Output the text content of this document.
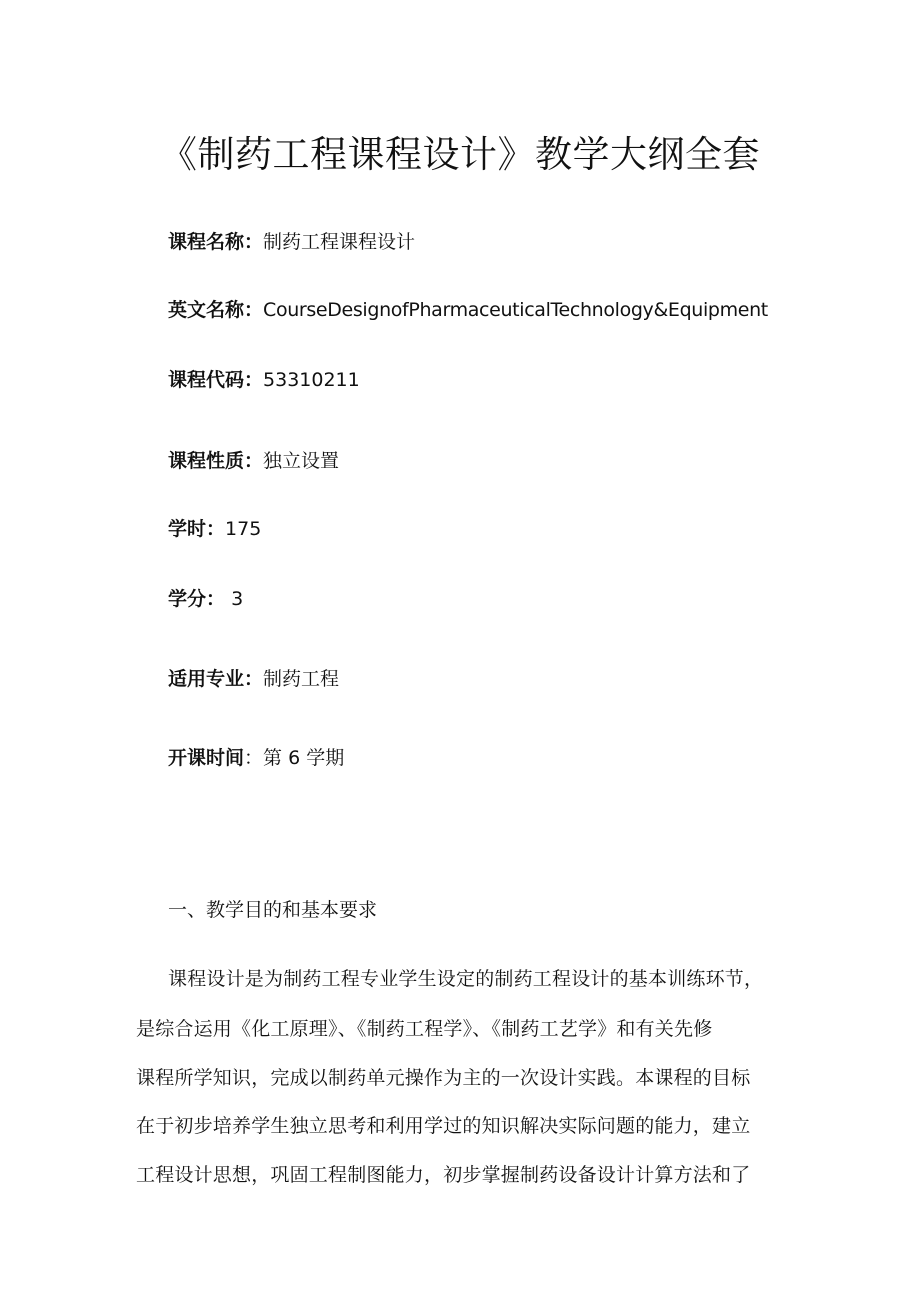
《制药工程课程设计》教学大纲全套
课程名称：制药工程课程设计
英文名称：CourseDesignofPharmaceuticalTechnology&Equipment
课程代码：53310211
课程性质：独立设置
学时：175
学分： 3
适用专业：制药工程
开课时间：第 6 学期
一、教学目的和基本要求
课程设计是为制药工程专业学生设定的制药工程设计的基本训练环节，
是综合运用《化工原理》、《制药工程学》、《制药工艺学》和有关先修
课程所学知识，完成以制药单元操作为主的一次设计实践。本课程的目标
在于初步培养学生独立思考和利用学过的知识解决实际问题的能力，建立
工程设计思想，巩固工程制图能力，初步掌握制药设备设计计算方法和了
